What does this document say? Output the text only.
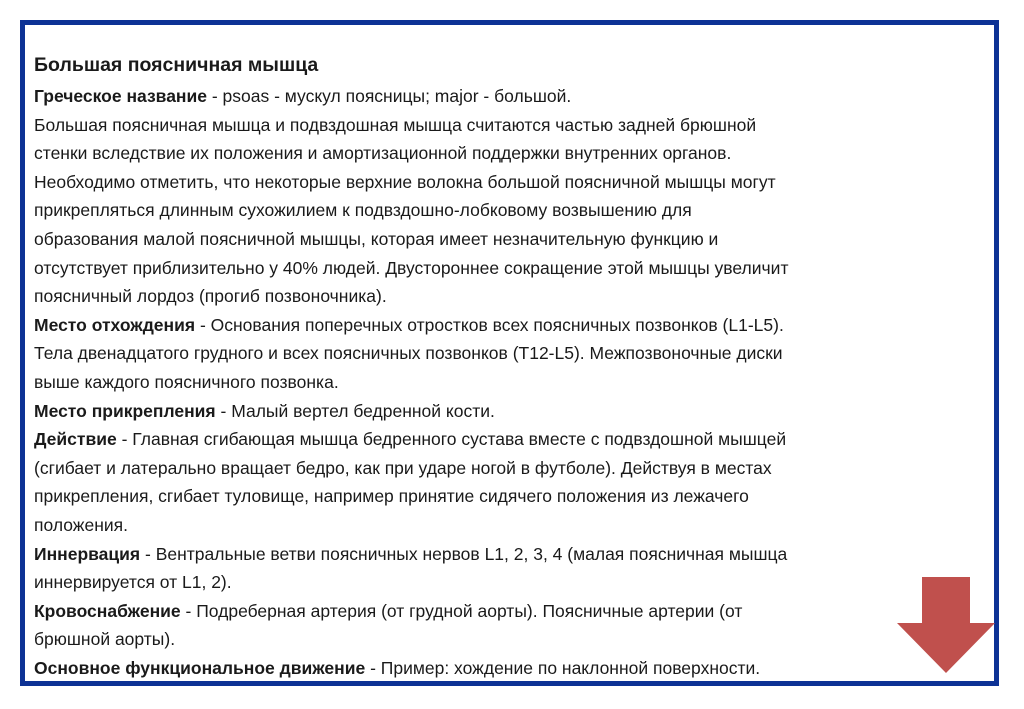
Большая поясничная мышца
Греческое название - psoas - мускул поясницы; major - большой.
Большая поясничная мышца и подвздошная мышца считаются частью задней брюшной
стенки вследствие их положения и амортизационной поддержки внутренних органов.
Необходимо отметить, что некоторые верхние волокна большой поясничной мышцы могут
прикрепляться длинным сухожилием к подвздошно-лобковому возвышению для
образования малой поясничной мышцы, которая имеет незначительную функцию и
отсутствует приблизительно у 40% людей. Двустороннее сокращение этой мышцы увеличит
поясничный лордоз (прогиб позвоночника).
Место отхождения - Основания поперечных отростков всех поясничных позвонков (L1-L5).
Тела двенадцатого грудного и всех поясничных позвонков (T12-L5). Межпозвоночные диски
выше каждого поясничного позвонка.
Место прикрепления - Малый вертел бедренной кости.
Действие - Главная сгибающая мышца бедренного сустава вместе с подвздошной мышцей
(сгибает и латерально вращает бедро, как при ударе ногой в футболе). Действуя в местах
прикрепления, сгибает туловище, например принятие сидячего положения из лежачего
положения.
Иннервация - Вентральные ветви поясничных нервов L1, 2, 3, 4 (малая поясничная мышца
иннервируется от L1, 2).
Кровоснабжение - Подреберная артерия (от грудной аорты). Поясничные артерии (от
брюшной аорты).
Основное функциональное движение - Пример: хождение по наклонной поверхности.
